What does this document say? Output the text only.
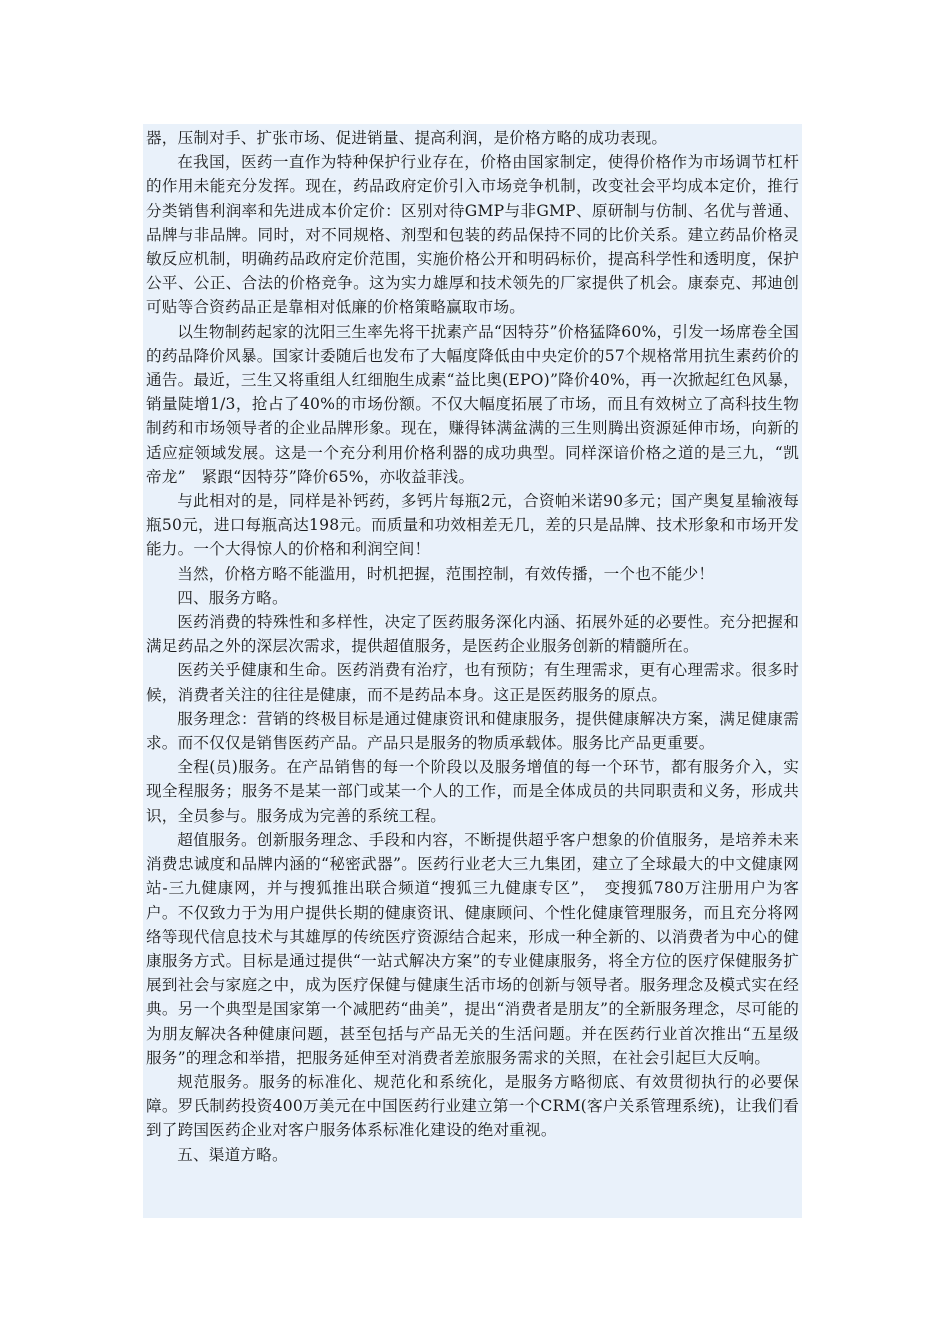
器，压制对手、扩张市场、促进销量、提高利润，是价格方略的成功表现。

在我国，医药一直作为特种保护行业存在，价格由国家制定，使得价格作为市场调节杠杆的作用未能充分发挥。现在，药品政府定价引入市场竞争机制，改变社会平均成本定价，推行分类销售利润率和先进成本价定价：区别对待GMP与非GMP、原研制与仿制、名优与普通、品牌与非品牌。同时，对不同规格、剂型和包装的药品保持不同的比价关系。建立药品价格灵敏反应机制，明确药品政府定价范围，实施价格公开和明码标价，提高科学性和透明度，保护公平、公正、合法的价格竞争。这为实力雄厚和技术领先的厂家提供了机会。康泰克、邦迪创可贴等合资药品正是靠相对低廉的价格策略赢取市场。

以生物制药起家的沈阳三生率先将干扰素产品“因特芬”价格猛降60%，引发一场席卷全国的药品降价风暴。国家计委随后也发布了大幅度降低由中央定价的57个规格常用抗生素药价的通告。最近，三生又将重组人红细胞生成素“益比奥(EPO)”降价40%，再一次掀起红色风暴，销量陡增1/3，抢占了40%的市场份额。不仅大幅度拓展了市场，而且有效树立了高科技生物制药和市场领导者的企业品牌形象。现在，赚得钵满盆满的三生则腾出资源延伸市场，向新的适应症领域发展。这是一个充分利用价格利器的成功典型。同样深谙价格之道的是三九，“凯帝龙”　紧跟“因特芬”降价65%，亦收益菲浅。

与此相对的是，同样是补钙药，多钙片每瓶2元，合资帕米诺90多元；国产奥复星输液每瓶50元，进口每瓶高达198元。而质量和功效相差无几，差的只是品牌、技术形象和市场开发能力。一个大得惊人的价格和利润空间！

当然，价格方略不能滥用，时机把握，范围控制，有效传播，一个也不能少！

四、服务方略。

医药消费的特殊性和多样性，决定了医药服务深化内涵、拓展外延的必要性。充分把握和满足药品之外的深层次需求，提供超值服务，是医药企业服务创新的精髓所在。

医药关乎健康和生命。医药消费有治疗，也有预防；有生理需求，更有心理需求。很多时候，消费者关注的往往是健康，而不是药品本身。这正是医药服务的原点。

服务理念：营销的终极目标是通过健康资讯和健康服务，提供健康解决方案，满足健康需求。而不仅仅是销售医药产品。产品只是服务的物质承载体。服务比产品更重要。

全程(员)服务。在产品销售的每一个阶段以及服务增值的每一个环节，都有服务介入，实现全程服务；服务不是某一部门或某一个人的工作，而是全体成员的共同职责和义务，形成共识，全员参与。服务成为完善的系统工程。

超值服务。创新服务理念、手段和内容，不断提供超乎客户想象的价值服务，是培养未来消费忠诚度和品牌内涵的“秘密武器”。医药行业老大三九集团，建立了全球最大的中文健康网站-三九健康网，并与搜狐推出联合频道“搜狐三九健康专区”，　变搜狐780万注册用户为客户。不仅致力于为用户提供长期的健康资讯、健康顾问、个性化健康管理服务，而且充分将网络等现代信息技术与其雄厚的传统医疗资源结合起来，形成一种全新的、以消费者为中心的健康服务方式。目标是通过提供“一站式解决方案”的专业健康服务，将全方位的医疗保健服务扩展到社会与家庭之中，成为医疗保健与健康生活市场的创新与领导者。服务理念及模式实在经典。另一个典型是国家第一个减肥药“曲美”，提出“消费者是朋友”的全新服务理念，尽可能的为朋友解决各种健康问题，甚至包括与产品无关的生活问题。并在医药行业首次推出“五星级服务”的理念和举措，把服务延伸至对消费者差旅服务需求的关照，在社会引起巨大反响。

规范服务。服务的标准化、规范化和系统化，是服务方略彻底、有效贯彻执行的必要保障。罗氏制药投资400万美元在中国医药行业建立第一个CRM(客户关系管理系统)，让我们看到了跨国医药企业对客户服务体系标准化建设的绝对重视。

五、渠道方略。
